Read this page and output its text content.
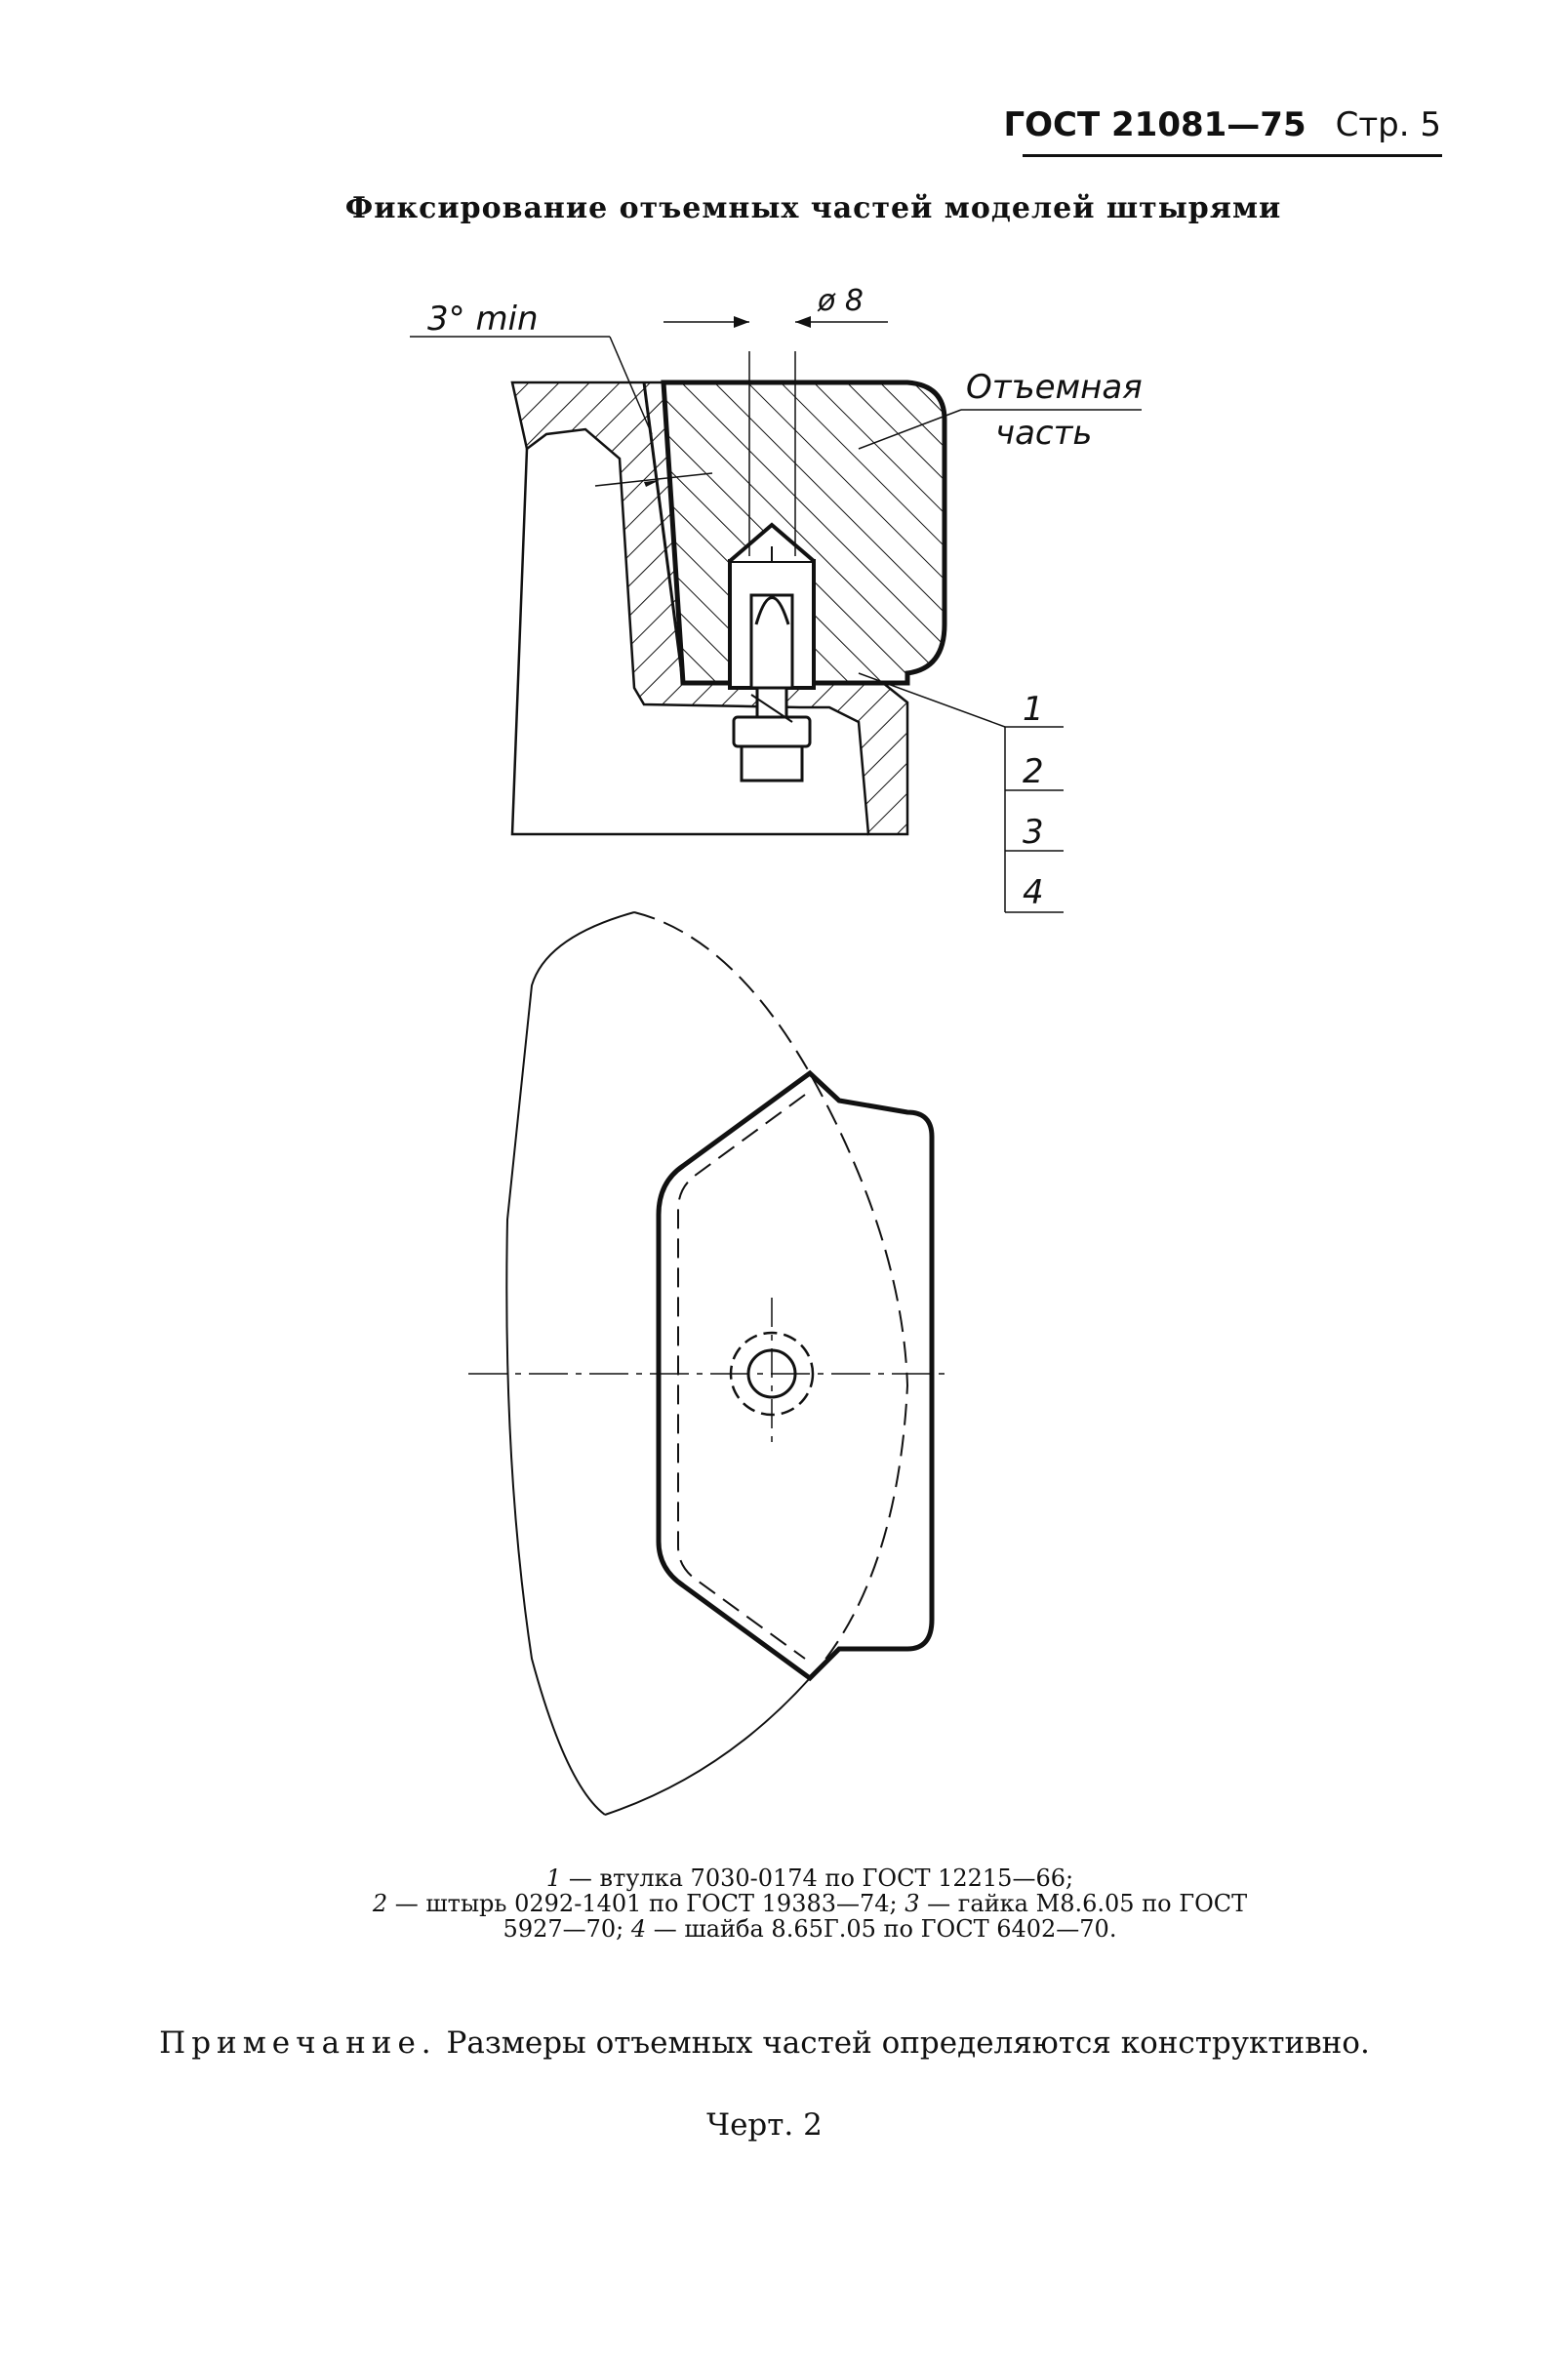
ГОСТ 21081—75 Стр. 5
Фиксирование отъемных частей моделей штырями
ø 8
3° min
Отъемная
часть
1
2
3
4
1 — втулка 7030-0174 по ГОСТ 12215—66;
2 — штырь 0292-1401 по ГОСТ 19383—74; 3 — гайка М8.6.05 по ГОСТ 5927—70; 4 — шайба 8.65Г.05 по ГОСТ 6402—70.
Примечание. Размеры отъемных частей определяются конструктивно.
Черт. 2
